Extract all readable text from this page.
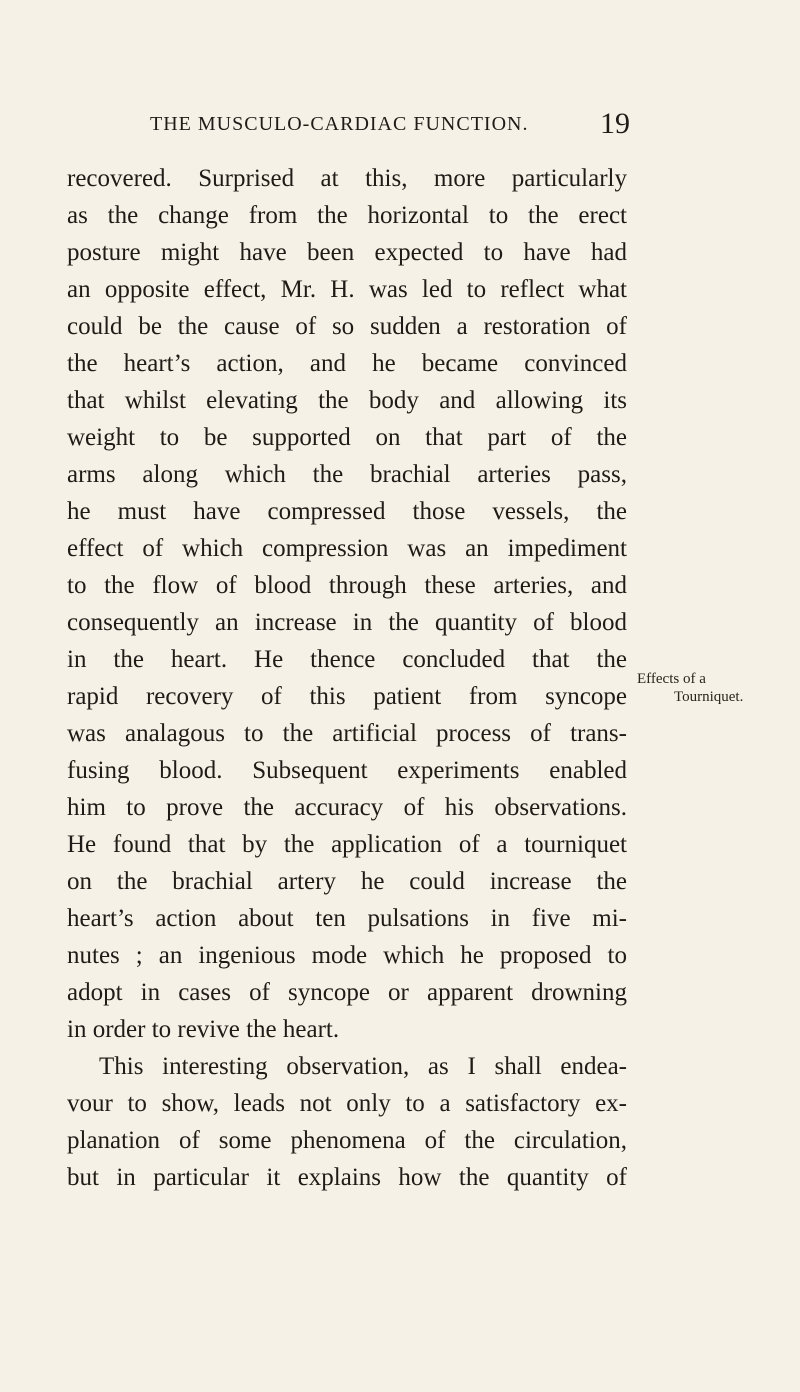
THE MUSCULO-CARDIAC FUNCTION. 19
recovered. Surprised at this, more particularly
as the change from the horizontal to the erect
posture might have been expected to have had
an opposite effect, Mr. H. was led to reflect what
could be the cause of so sudden a restoration of
the heart’s action, and he became convinced
that whilst elevating the body and allowing its
weight to be supported on that part of the
arms along which the brachial arteries pass,
he must have compressed those vessels, the
effect of which compression was an impediment
to the flow of blood through these arteries, and
consequently an increase in the quantity of blood
in the heart. He thence concluded that the
rapid recovery of this patient from syncope
was analagous to the artificial process of trans-
fusing blood. Subsequent experiments enabled
him to prove the accuracy of his observations.
He found that by the application of a tourniquet
on the brachial artery he could increase the
heart’s action about ten pulsations in five mi-
nutes ; an ingenious mode which he proposed to
adopt in cases of syncope or apparent drowning
in order to revive the heart.
This interesting observation, as I shall endea-
vour to show, leads not only to a satisfactory ex-
planation of some phenomena of the circulation,
but in particular it explains how the quantity of
Effects of a
Tourniquet.
